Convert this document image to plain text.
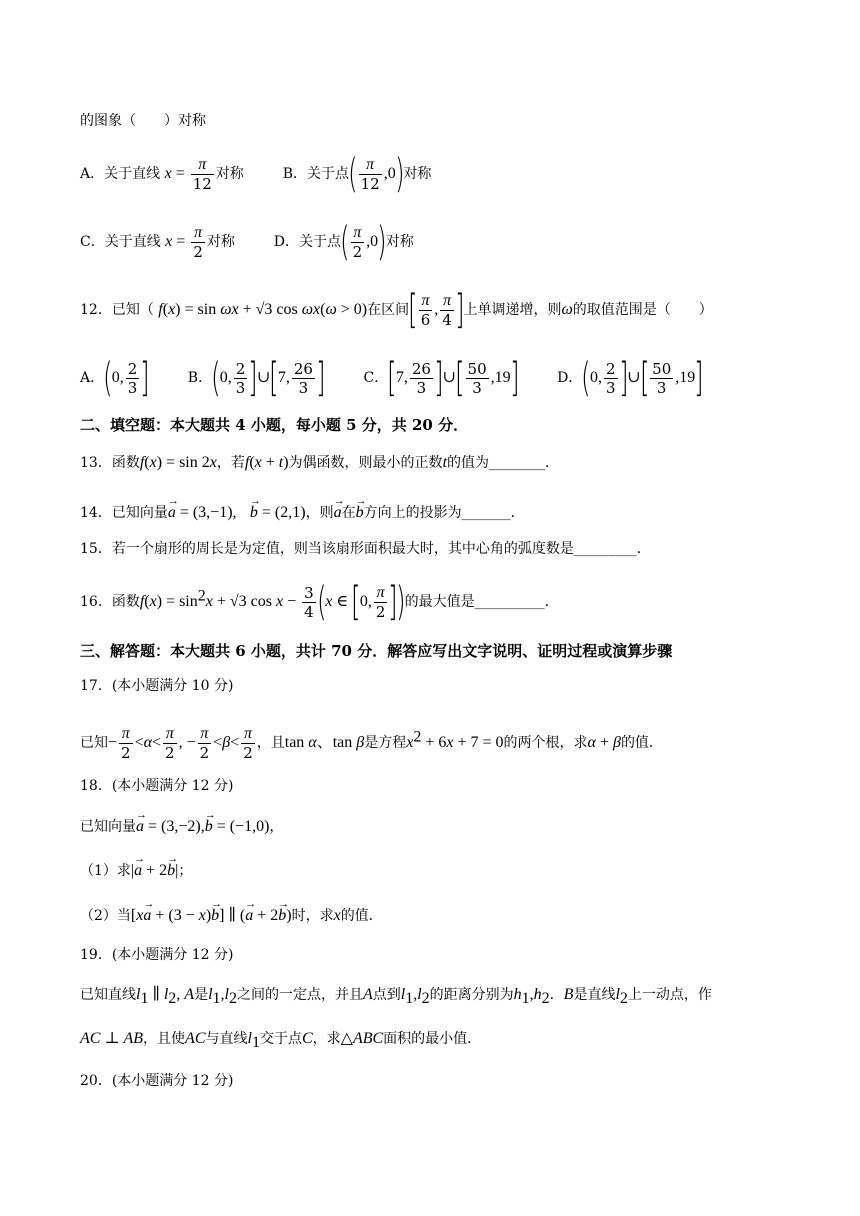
的图象（　　）对称
A．关于直线 $x = \frac{\pi}{12}$ 对称	B．关于点( $\frac{\pi}{12} ,0$)对称
C．关于直线 $x = \frac{\pi}{2}$ 对称	D．关于点( $\frac{\pi}{2} ,0$)对称
12．已知（ f(x) = sin ωx + √3 cos ωx(ω > 0)在区间[ $\frac{\pi}{6}$ , $\frac{\pi}{4}$ ]上单调递增，则ω的取值范围是（　　）
A．(0, $\frac{2}{3}$ ]	B．(0, $\frac{2}{3}$ ]∪[7, $\frac{26}{3}$ ]	C．[7, $\frac{26}{3}$ ]∪[ $\frac{50}{3} ,19$]	D．(0, $\frac{2}{3}$ ]∪[ $\frac{50}{3} ,19$]
二、填空题：本大题共 4 小题，每小题 5 分，共 20 分．
13．函数f(x) = sin 2x，若f(x + t)为偶函数，则最小的正数t的值为________．
14．已知向量→ a = (3,−1),   → b = (2,1)，则→ a在→ b方向上的投影为_______．
15．若一个扇形的周长是为定值，则当该扇形面积最大时，其中心角的弧度数是_________．
16．函数$f(x) = \sin^2x + √3$ $\cos x - \frac{3}{4} (x$ ∈ [0, $\frac{\pi}{2}$ ])的最大值是__________．
三、解答题：本大题共 6 小题，共计 70 分．解答应写出文字说明、证明过程或演算步骤
17．(本小题满分 10 分)
已知− $\frac{\pi}{2} <\alpha< \frac{\pi}{2}$ , − $\frac{\pi}{2} <\beta< \frac{\pi}{2}$ ，且tan α、tan β是方程$x^2 + 6x + 7 = 0$的两个根，求α + β的值．
18．(本小题满分 12 分)
已知向量→ a = (3,−2),→ b = (−1,0)，
（1）求|→ a + 2→ b|；
（2）当[x→ a + (3 − x)→ b] ∥ (→ a + 2→ b)时，求x的值．
19．(本小题满分 12 分)
已知直线$l_1$ ∥ $l_2$, A是$l_1,l_2$之间的一定点，并且A点到$l_1,l_2$的距离分别为$h_1,h_2$．B是直线$l_2$上一动点，作
AC ⊥ AB，且使AC与直线$l_1$交于点C，求△ABC面积的最小值．
20．(本小题满分 12 分)
